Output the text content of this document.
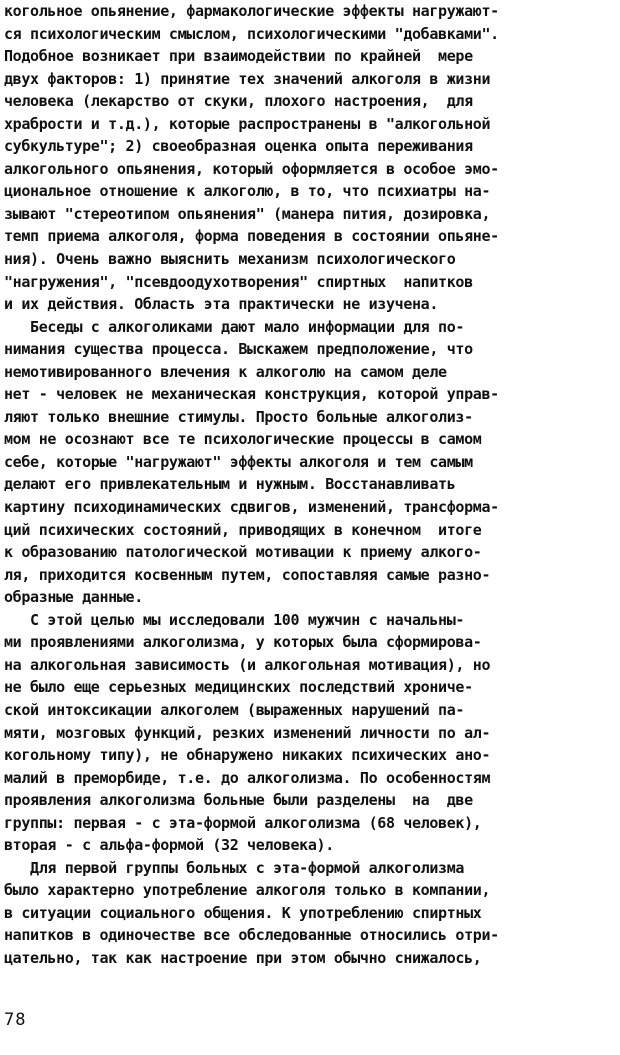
когольное опьянение, фармакологические эффекты нагружают-
ся психологическим смыслом, психологическими "добавками".
Подобное возникает при взаимодействии по крайней  мере
двух факторов: 1) принятие тех значений алкоголя в жизни
человека (лекарство от скуки, плохого настроения,  для
храбрости и т.д.), которые распространены в "алкогольной
субкультуре"; 2) своеобразная оценка опыта переживания
алкогольного опьянения, который оформляется в особое эмо-
циональное отношение к алкоголю, в то, что психиатры на-
зывают "стереотипом опьянения" (манера пития, дозировка,
темп приема алкоголя, форма поведения в состоянии опьяне-
ния). Очень важно выяснить механизм психологического
"нагружения", "псевдоодухотворения" спиртных  напитков
и их действия. Область эта практически не изучена.
Беседы с алкоголиками дают мало информации для по-
нимания существа процесса. Выскажем предположение, что
немотивированного влечения к алкоголю на самом деле
нет - человек не механическая конструкция, которой управ-
ляют только внешние стимулы. Просто больные алкоголиз-
мом не осознают все те психологические процессы в самом
себе, которые "нагружают" эффекты алкоголя и тем самым
делают его привлекательным и нужным. Восстанавливать
картину психодинамических сдвигов, изменений, трансформа-
ций психических состояний, приводящих в конечном  итоге
к образованию патологической мотивации к приему алкого-
ля, приходится косвенным путем, сопоставляя самые разно-
образные данные.
С этой целью мы исследовали 100 мужчин с начальны-
ми проявлениями алкоголизма, у которых была сформирова-
на алкогольная зависимость (и алкогольная мотивация), но
не было еще серьезных медицинских последствий хрониче-
ской интоксикации алкоголем (выраженных нарушений па-
мяти, мозговых функций, резких изменений личности по ал-
когольному типу), не обнаружено никаких психических ано-
малий в преморбиде, т.е. до алкоголизма. По особенностям
проявления алкоголизма больные были разделены  на  две
группы: первая - с эта-формой алкоголизма (68 человек),
вторая - с альфа-формой (32 человека).
Для первой группы больных с эта-формой алкоголизма
было характерно употребление алкоголя только в компании,
в ситуации социального общения. К употреблению спиртных
напитков в одиночестве все обследованные относились отри-
цательно, так как настроение при этом обычно снижалось,
78
